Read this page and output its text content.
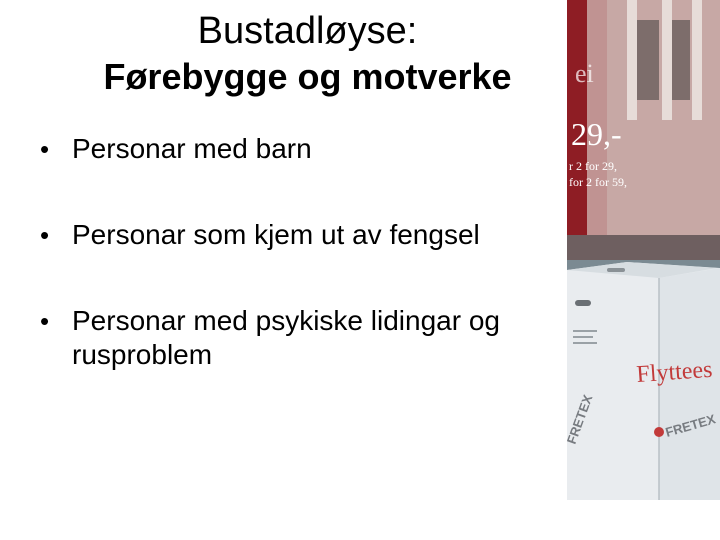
Bustadløyse:
Førebygge og motverke
• Personar med barn
• Personar som kjem ut av fengsel
• Personar med psykiske lidingar og rusproblem
ei
29,-
r 2 for 29,
for 2 for 59,
Flyttees
FRETEX	FRETEX
